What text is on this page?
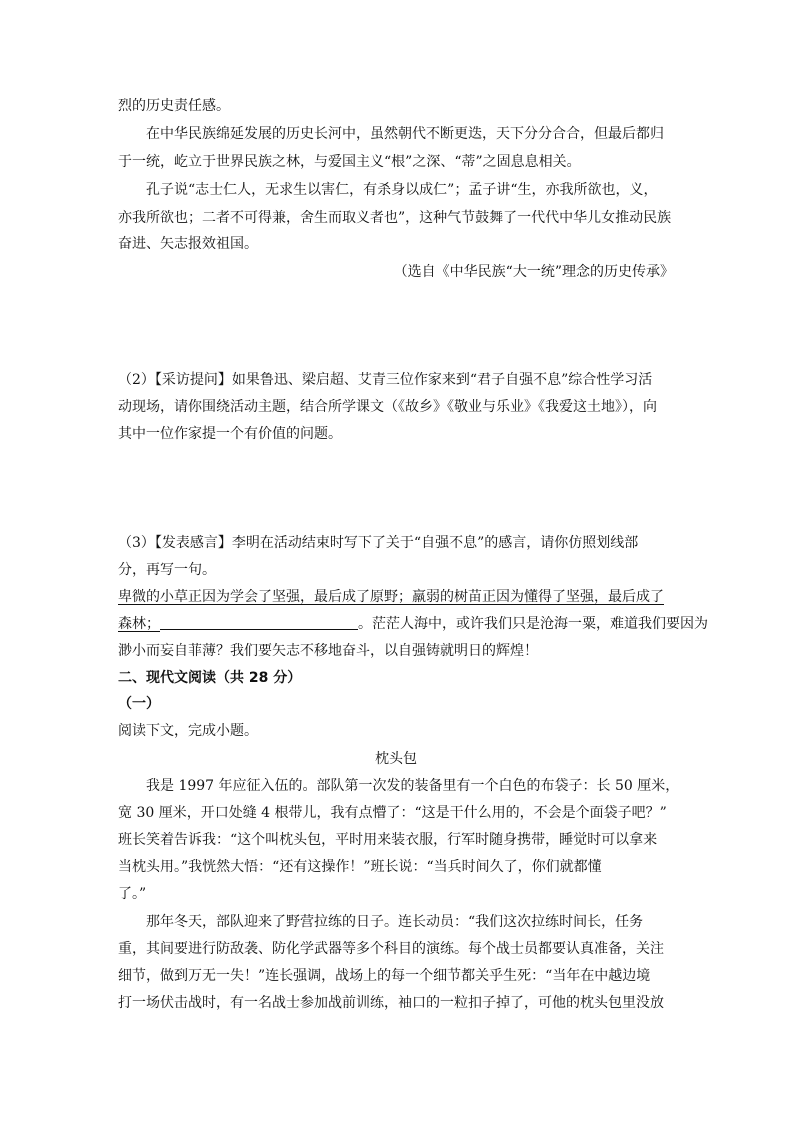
烈的历史责任感。
在中华民族绵延发展的历史长河中，虽然朝代不断更迭，天下分分合合，但最后都归
于一统，屹立于世界民族之林，与爱国主义“根”之深、“蒂”之固息息相关。
孔子说“志士仁人，无求生以害仁，有杀身以成仁”；孟子讲“生，亦我所欲也，义，
亦我所欲也；二者不可得兼，舍生而取义者也”，这种气节鼓舞了一代代中华儿女推动民族
奋进、矢志报效祖国。
（选自《中华民族“大一统”理念的历史传承》
（2）【采访提问】如果鲁迅、梁启超、艾青三位作家来到“君子自强不息”综合性学习活
动现场，请你围绕活动主题，结合所学课文（《故乡》《敬业与乐业》《我爱这土地》），向
其中一位作家提一个有价值的问题。
（3）【发表感言】李明在活动结束时写下了关于“自强不息”的感言，请你仿照划线部
分，再写一句。
卑微的小草正因为学会了坚强，最后成了原野；羸弱的树苗正因为懂得了坚强，最后成了
森林；	。茫茫人海中，或许我们只是沧海一粟，难道我们要因为
渺小而妄自菲薄？我们要矢志不移地奋斗，以自强铸就明日的辉煌！
二、现代文阅读（共 28 分）
（一）
阅读下文，完成小题。
枕头包
我是 1997 年应征入伍的。部队第一次发的装备里有一个白色的布袋子：长 50 厘米，
宽 30 厘米，开口处缝 4 根带儿，我有点懵了：“这是干什么用的，不会是个面袋子吧？”
班长笑着告诉我：“这个叫枕头包，平时用来装衣服，行军时随身携带，睡觉时可以拿来
当枕头用。”我恍然大悟：“还有这操作！”班长说：“当兵时间久了，你们就都懂
了。”
那年冬天，部队迎来了野营拉练的日子。连长动员：“我们这次拉练时间长，任务
重，其间要进行防敌袭、防化学武器等多个科目的演练。每个战士员都要认真准备，关注
细节，做到万无一失！”连长强调，战场上的每一个细节都关乎生死：“当年在中越边境
打一场伏击战时，有一名战士参加战前训练，袖口的一粒扣子掉了，可他的枕头包里没放
